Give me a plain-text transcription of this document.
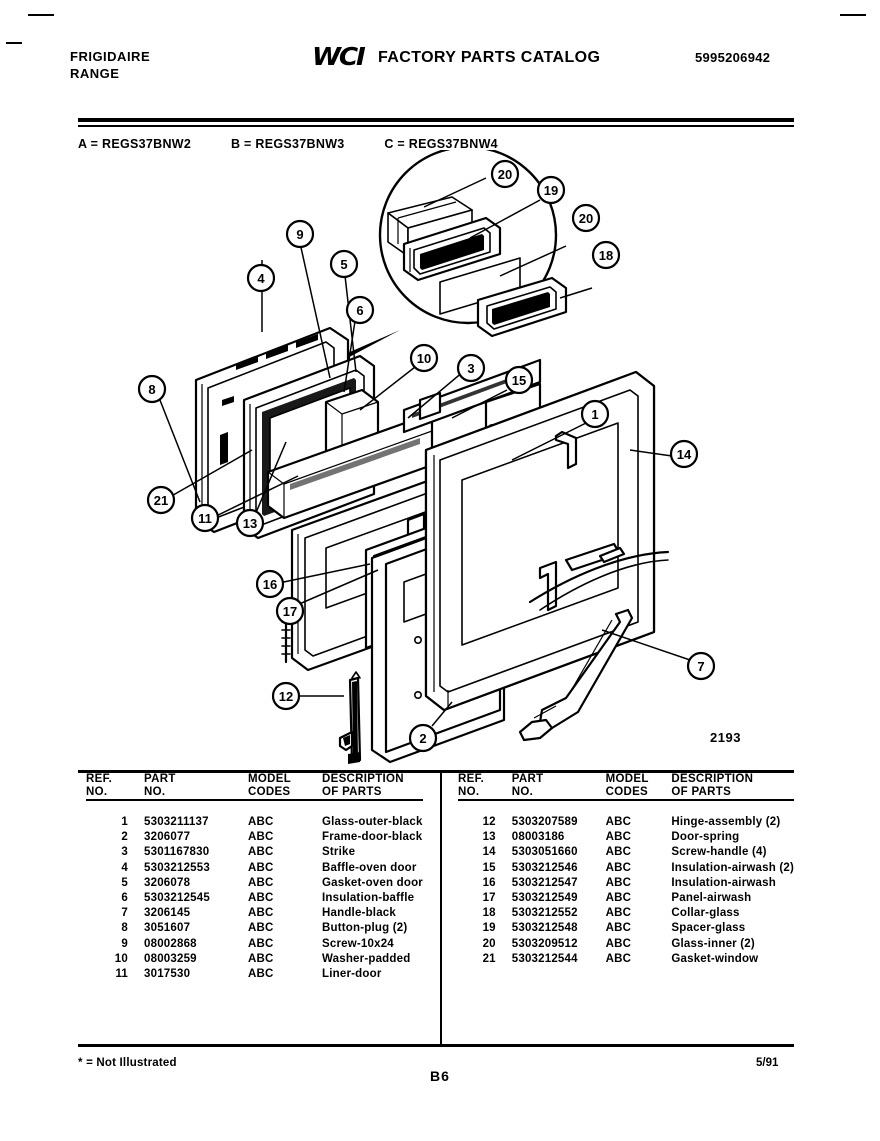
FRIGIDAIRE
RANGE
WCI FACTORY PARTS CATALOG	5995206942
A = REGS37BNW2	B = REGS37BNW3	C = REGS37BNW4
20
19
20
18
9
4
5
6
8
10
3
15
1
14
21
11 13
16
17
7
12
2	2193
REF.
NO.

PART
NO.

MODEL
CODES

DESCRIPTION
OF PARTS

1	5303211137	ABC	Glass-outer-black
2	3206077	ABC	Frame-door-black
3	5301167830	ABC	Strike
4	5303212553	ABC	Baffle-oven door
5	3206078	ABC	Gasket-oven door
6	5303212545	ABC	Insulation-baffle
7	3206145	ABC	Handle-black
8	3051607	ABC	Button-plug (2)
9	08002868	ABC	Screw-10x24
10	08003259	ABC	Washer-padded
11	3017530	ABC	Liner-door
REF.
NO.

PART
NO.

MODEL
CODES

DESCRIPTION
OF PARTS

12	5303207589	ABC	Hinge-assembly (2)
13	08003186	ABC	Door-spring
14	5303051660	ABC	Screw-handle (4)
15	5303212546	ABC	Insulation-airwash (2)
16	5303212547	ABC	Insulation-airwash
17	5303212549	ABC	Panel-airwash
18	5303212552	ABC	Collar-glass
19	5303212548	ABC	Spacer-glass
20	5303209512	ABC	Glass-inner (2)
21	5303212544	ABC	Gasket-window
* = Not Illustrated
B6
5/91
